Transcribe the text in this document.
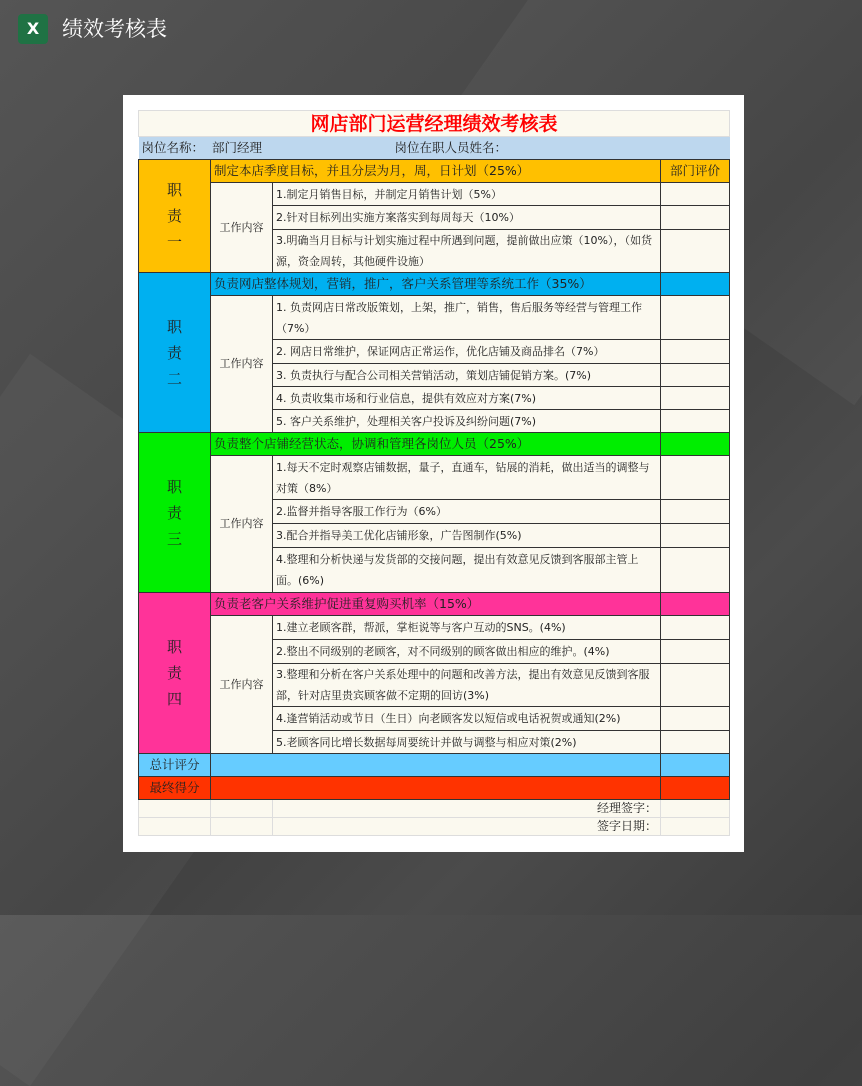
X	绩效考核表
网店部门运营经理绩效考核表			
岗位名称： 部门经理		岗位在职人员姓名：	

职
责
一	制定本店季度目标，并且分层为月，周，日计划（25%）		部门评价
	工作内容	1.制定月销售目标，并制定月销售计划（5%）	
		2.针对目标列出实施方案落实到每周每天（10%）	
		3.明确当月目标与计划实施过程中所遇到问题，提前做出应策（10%），（如货源，资金周转，其他硬件设施）	

职
责
二	负责网店整体规划，营销，推广，客户关系管理等系统工作（35%）		
	工作内容	1. 负责网店日常改版策划，上架，推广，销售，售后服务等经营与管理工作（7%）	
		2. 网店日常维护，保证网店正常运作，优化店铺及商品排名（7%）	
		3. 负责执行与配合公司相关营销活动，策划店铺促销方案。(7%)	
		4. 负责收集市场和行业信息，提供有效应对方案(7%)	
		5. 客户关系维护，处理相关客户投诉及纠纷问题(7%)	

职
责
三	负责整个店铺经营状态，协调和管理各岗位人员（25%）		
	工作内容	1.每天不定时观察店铺数据，量子，直通车，钻展的消耗，做出适当的调整与对策（8%）	
		2.监督并指导客服工作行为（6%）	
		3.配合并指导美工优化店铺形象，广告图制作(5%)	
		4.整理和分析快递与发货部的交接问题，提出有效意见反馈到客服部主管上面。(6%)	

职
责
四	负责老客户关系维护促进重复购买机率（15%）		
	工作内容	1.建立老顾客群，帮派，掌柜说等与客户互动的SNS。(4%)	
		2.整出不同级别的老顾客，对不同级别的顾客做出相应的维护。(4%)	
		3.整理和分析在客户关系处理中的问题和改善方法，提出有效意见反馈到客服部，针对店里贵宾顾客做不定期的回访(3%)	
		4.逢营销活动或节日（生日）向老顾客发以短信或电话祝贺或通知(2%)	
		5.老顾客同比增长数据每周要统计并做与调整与相应对策(2%)	
总计评分			
最终得分			
		经理签字：	
		签字日期：	
